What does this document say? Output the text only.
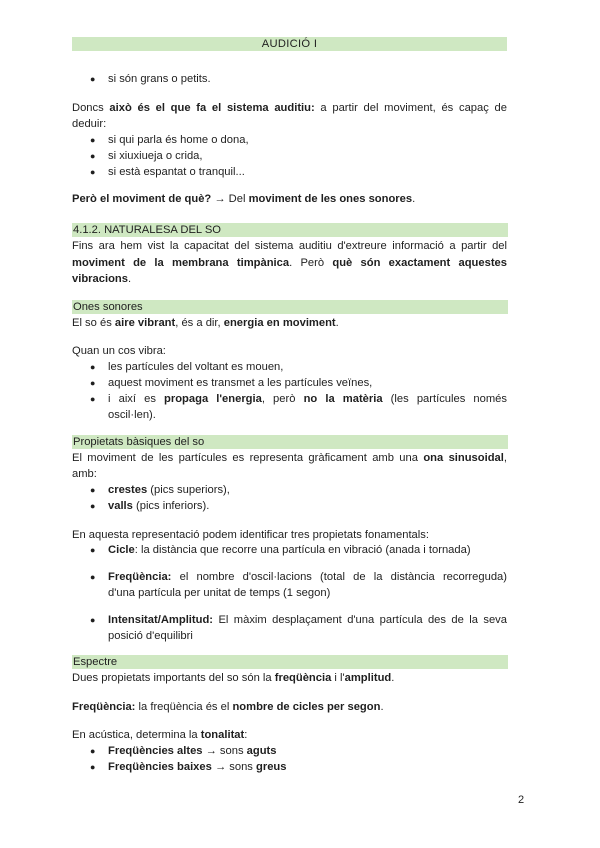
AUDICIÓ I
● si són grans o petits.
Doncs això és el que fa el sistema auditiu: a partir del moviment, és capaç de
deduir:
● si qui parla és home o dona,
● si xiuxiueja o crida,
● si està espantat o tranquil...
Però el moviment de què? → Del moviment de les ones sonores.
4.1.2. NATURALESA DEL SO
Fins ara hem vist la capacitat del sistema auditiu d'extreure informació a partir del
moviment de la membrana timpànica. Però què són exactament aquestes
vibracions.
Ones sonores
El so és aire vibrant, és a dir, energia en moviment.
Quan un cos vibra:
● les partícules del voltant es mouen,
● aquest moviment es transmet a les partícules veïnes,
● i així es propaga l'energia, però no la matèria (les partícules només
oscil·len).
Propietats bàsiques del so
El moviment de les partícules es representa gràficament amb una ona sinusoidal,
amb:
● crestes (pics superiors),
● valls (pics inferiors).
En aquesta representació podem identificar tres propietats fonamentals:
● Cicle: la distància que recorre una partícula en vibració (anada i tornada)
● Freqüència: el nombre d'oscil·lacions (total de la distància recorreguda)
d'una partícula per unitat de temps (1 segon)
● Intensitat/Amplitud: El màxim desplaçament d'una partícula des de la seva
posició d'equilibri
Espectre
Dues propietats importants del so són la freqüència i l'amplitud.
Freqüència: la freqüència és el nombre de cicles per segon.
En acústica, determina la tonalitat:
● Freqüències altes → sons aguts
● Freqüències baixes → sons greus
2
